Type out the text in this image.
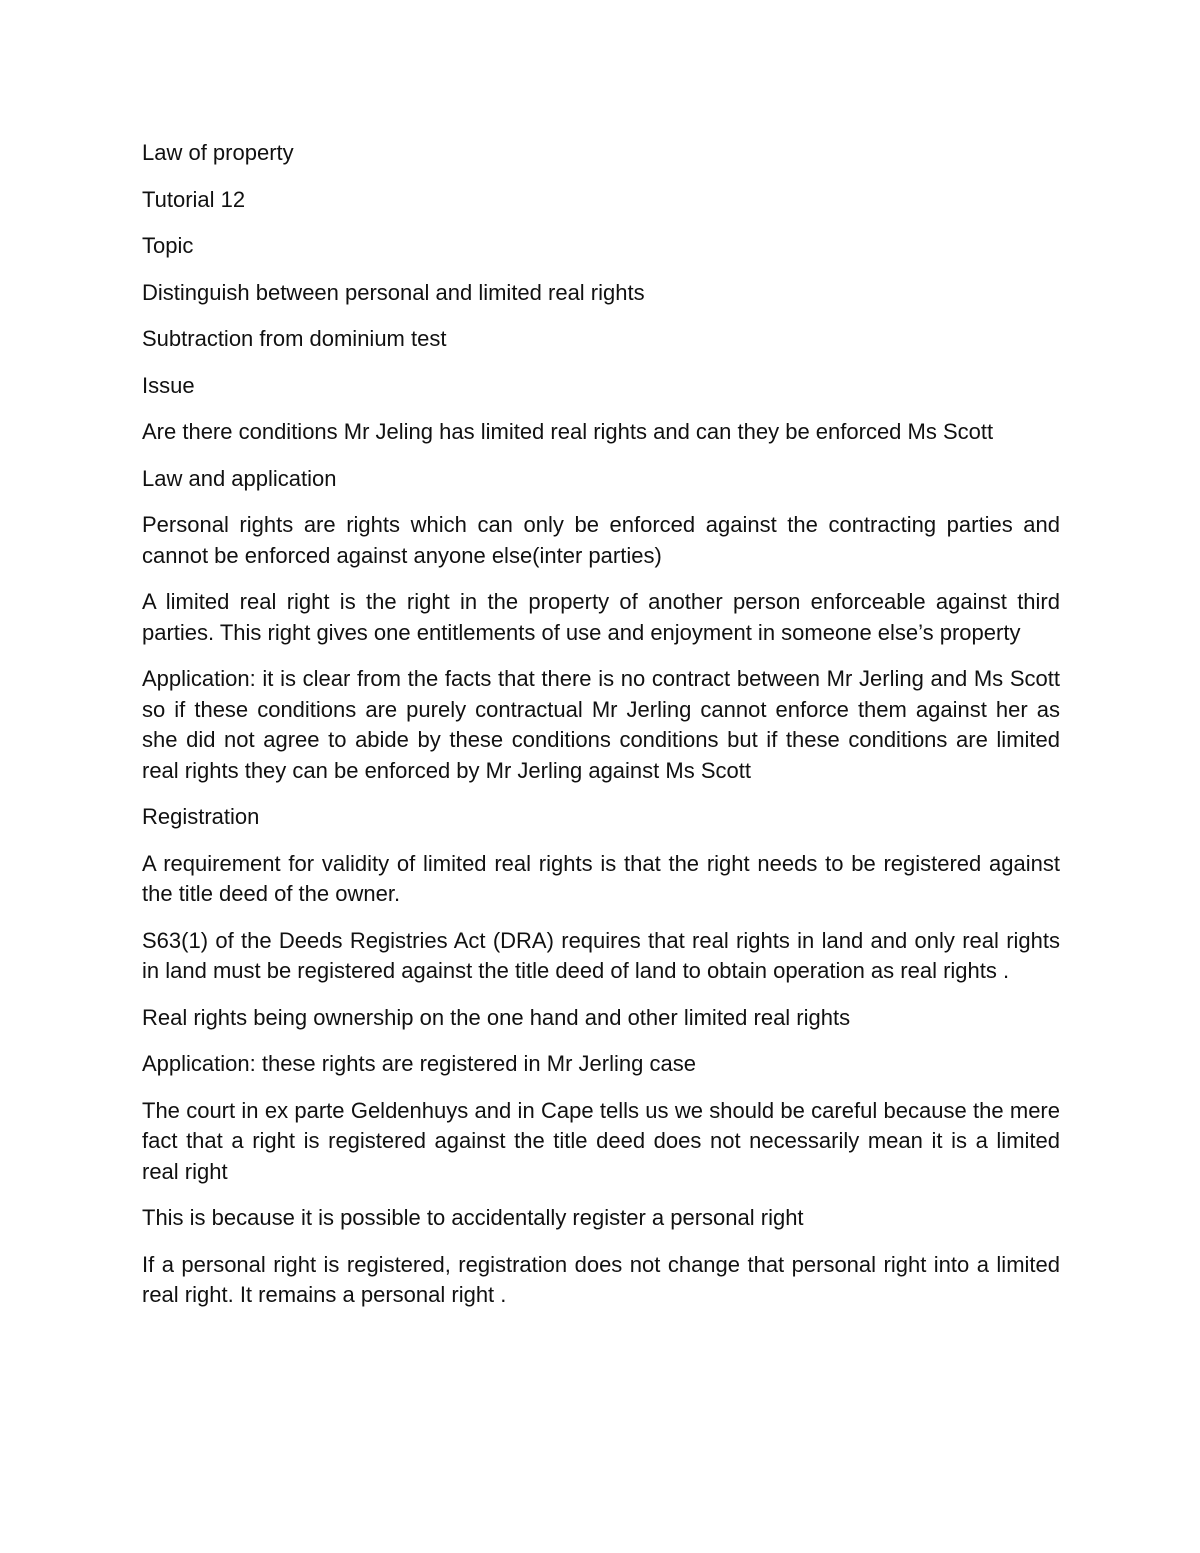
Law of property

Tutorial 12

Topic

Distinguish between personal and limited real rights

Subtraction from dominium test

Issue

Are there conditions Mr Jeling has limited real rights and can they be enforced Ms Scott

Law and application

Personal rights are rights which can only be enforced against the contracting parties and cannot be enforced against anyone else(inter parties)

A limited real right is the right in the property of another person enforceable against third parties. This right gives one entitlements of use and enjoyment in someone else’s property

Application: it is clear from the facts that there is no contract between Mr Jerling and Ms Scott so if these conditions are purely contractual Mr Jerling cannot enforce them against her as she did not agree to abide by these conditions conditions but if these conditions are limited real rights they can be enforced by Mr Jerling against Ms Scott

Registration

A requirement for validity of limited real rights is that the right needs to be registered against the title deed of the owner.

S63(1) of the Deeds Registries Act (DRA) requires that real rights in land and only real rights in land must be registered against the title deed of land to obtain operation as real rights .

Real rights being ownership on the one hand and other limited real rights

Application: these rights are registered in Mr Jerling case

The court in ex parte Geldenhuys and in Cape tells us we should be careful because the mere fact that a right is registered against the title deed does not necessarily mean it is a limited real right

This is because it is possible to accidentally register a personal right

If a personal right is registered, registration does not change that personal right into a limited real right. It remains a personal right .
